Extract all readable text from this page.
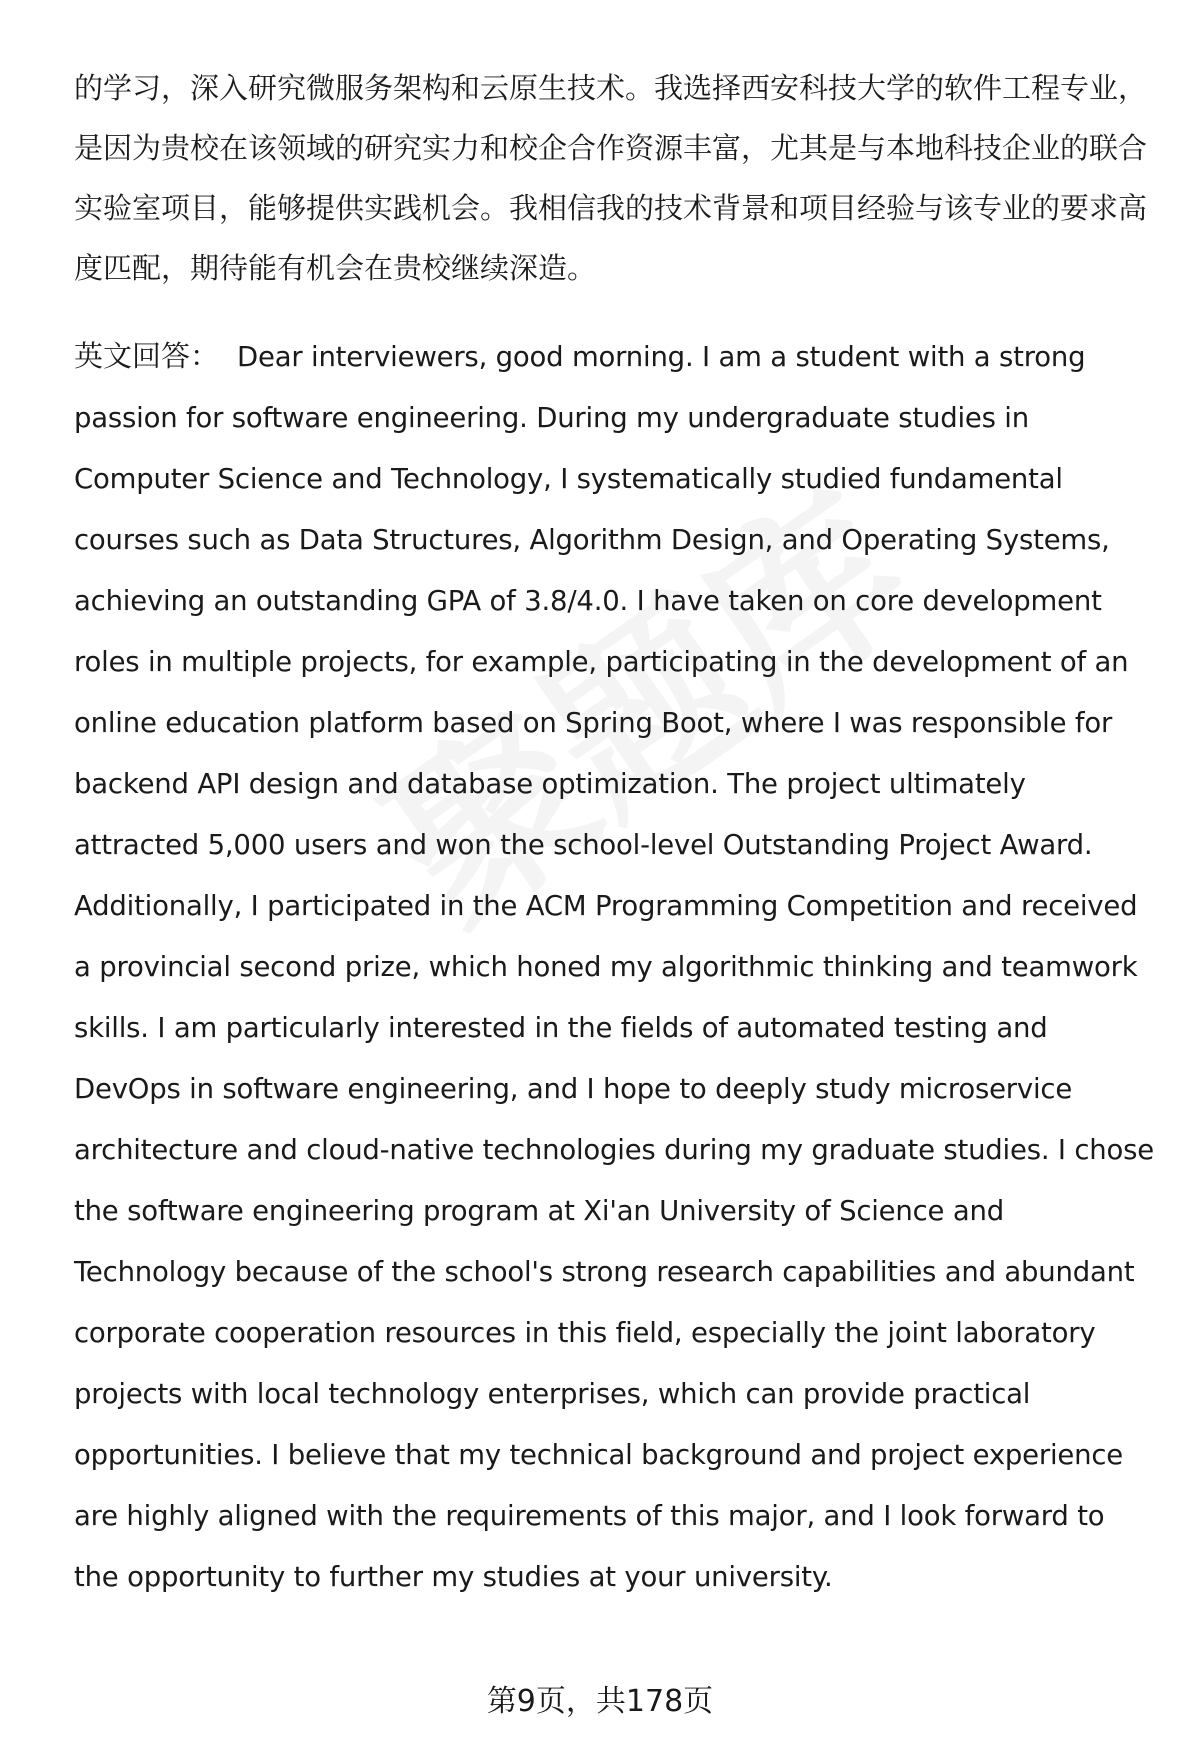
的学习，深入研究微服务架构和云原生技术。我选择西安科技大学的软件工程专业，是因为贵校在该领域的研究实力和校企合作资源丰富，尤其是与本地科技企业的联合实验室项目，能够提供实践机会。我相信我的技术背景和项目经验与该专业的要求高度匹配，期待能有机会在贵校继续深造。

英文回答： Dear interviewers, good morning. I am a student with a strong passion for software engineering. During my undergraduate studies in Computer Science and Technology, I systematically studied fundamental courses such as Data Structures, Algorithm Design, and Operating Systems, achieving an outstanding GPA of 3.8/4.0. I have taken on core development roles in multiple projects, for example, participating in the development of an online education platform based on Spring Boot, where I was responsible for backend API design and database optimization. The project ultimately attracted 5,000 users and won the school-level Outstanding Project Award. Additionally, I participated in the ACM Programming Competition and received a provincial second prize, which honed my algorithmic thinking and teamwork skills. I am particularly interested in the fields of automated testing and DevOps in software engineering, and I hope to deeply study microservice architecture and cloud-native technologies during my graduate studies. I chose the software engineering program at Xi'an University of Science and Technology because of the school's strong research capabilities and abundant corporate cooperation resources in this field, especially the joint laboratory projects with local technology enterprises, which can provide practical opportunities. I believe that my technical background and project experience are highly aligned with the requirements of this major, and I look forward to the opportunity to further my studies at your university.

第9页，共178页
